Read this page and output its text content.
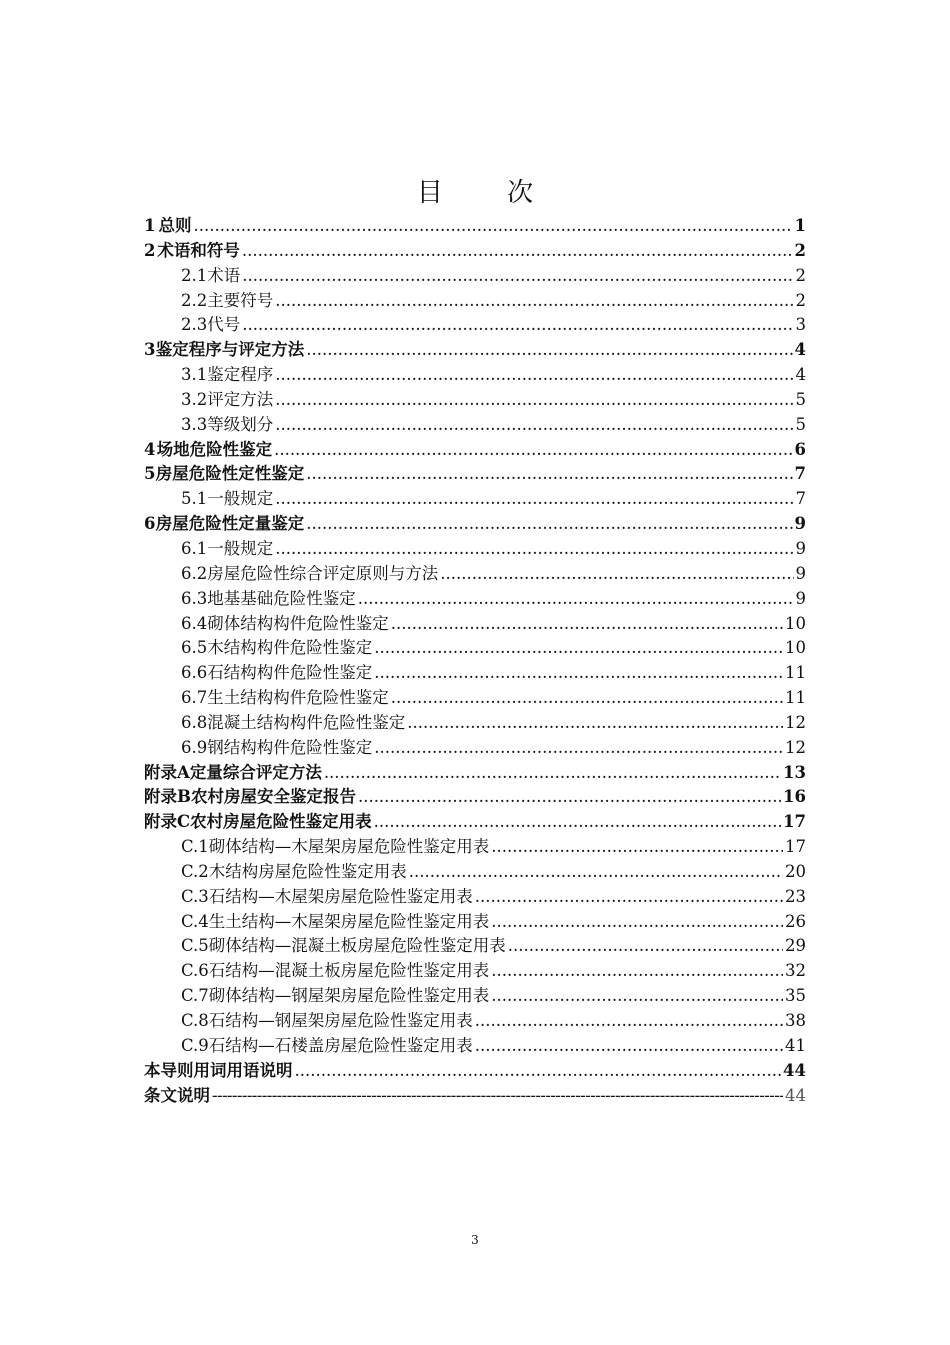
目 次
1 总则 .....	1
2 术语和符号 .....	2
2.1 术语 .....	2
2.2 主要符号 .....	2
2.3 代号 .....	3
3 鉴定程序与评定方法 .....	4
3.1 鉴定程序 .....	4
3.2 评定方法 .....	5
3.3 等级划分 .....	5
4 场地危险性鉴定 .....	6
5 房屋危险性定性鉴定 .....	7
5.1 一般规定 .....	7
6 房屋危险性定量鉴定 .....	9
6.1 一般规定 .....	9
6.2 房屋危险性综合评定原则与方法 .....	9
6.3 地基基础危险性鉴定 .....	9
6.4 砌体结构构件危险性鉴定 .....	10
6.5 木结构构件危险性鉴定 .....	10
6.6 石结构构件危险性鉴定 .....	11
6.7 生土结构构件危险性鉴定 .....	11
6.8 混凝土结构构件危险性鉴定 .....	12
6.9 钢结构构件危险性鉴定 .....	12
附录A 定量综合评定方法 .....	13
附录B 农村房屋安全鉴定报告 .....	16
附录C 农村房屋危险性鉴定用表 .....	17
C.1 砌体结构—木屋架房屋危险性鉴定用表 .....	17
C.2 木结构房屋危险性鉴定用表 .....	20
C.3 石结构—木屋架房屋危险性鉴定用表 .....	23
C.4 生土结构—木屋架房屋危险性鉴定用表 .....	26
C.5 砌体结构—混凝土板房屋危险性鉴定用表 .....	29
C.6 石结构—混凝土板房屋危险性鉴定用表 .....	32
C.7 砌体结构—钢屋架房屋危险性鉴定用表 .....	35
C.8 石结构—钢屋架房屋危险性鉴定用表 .....	38
C.9 石结构—石楼盖房屋危险性鉴定用表 .....	41
本导则用词用语说明 .....	44
条文说明 -----	44
3
